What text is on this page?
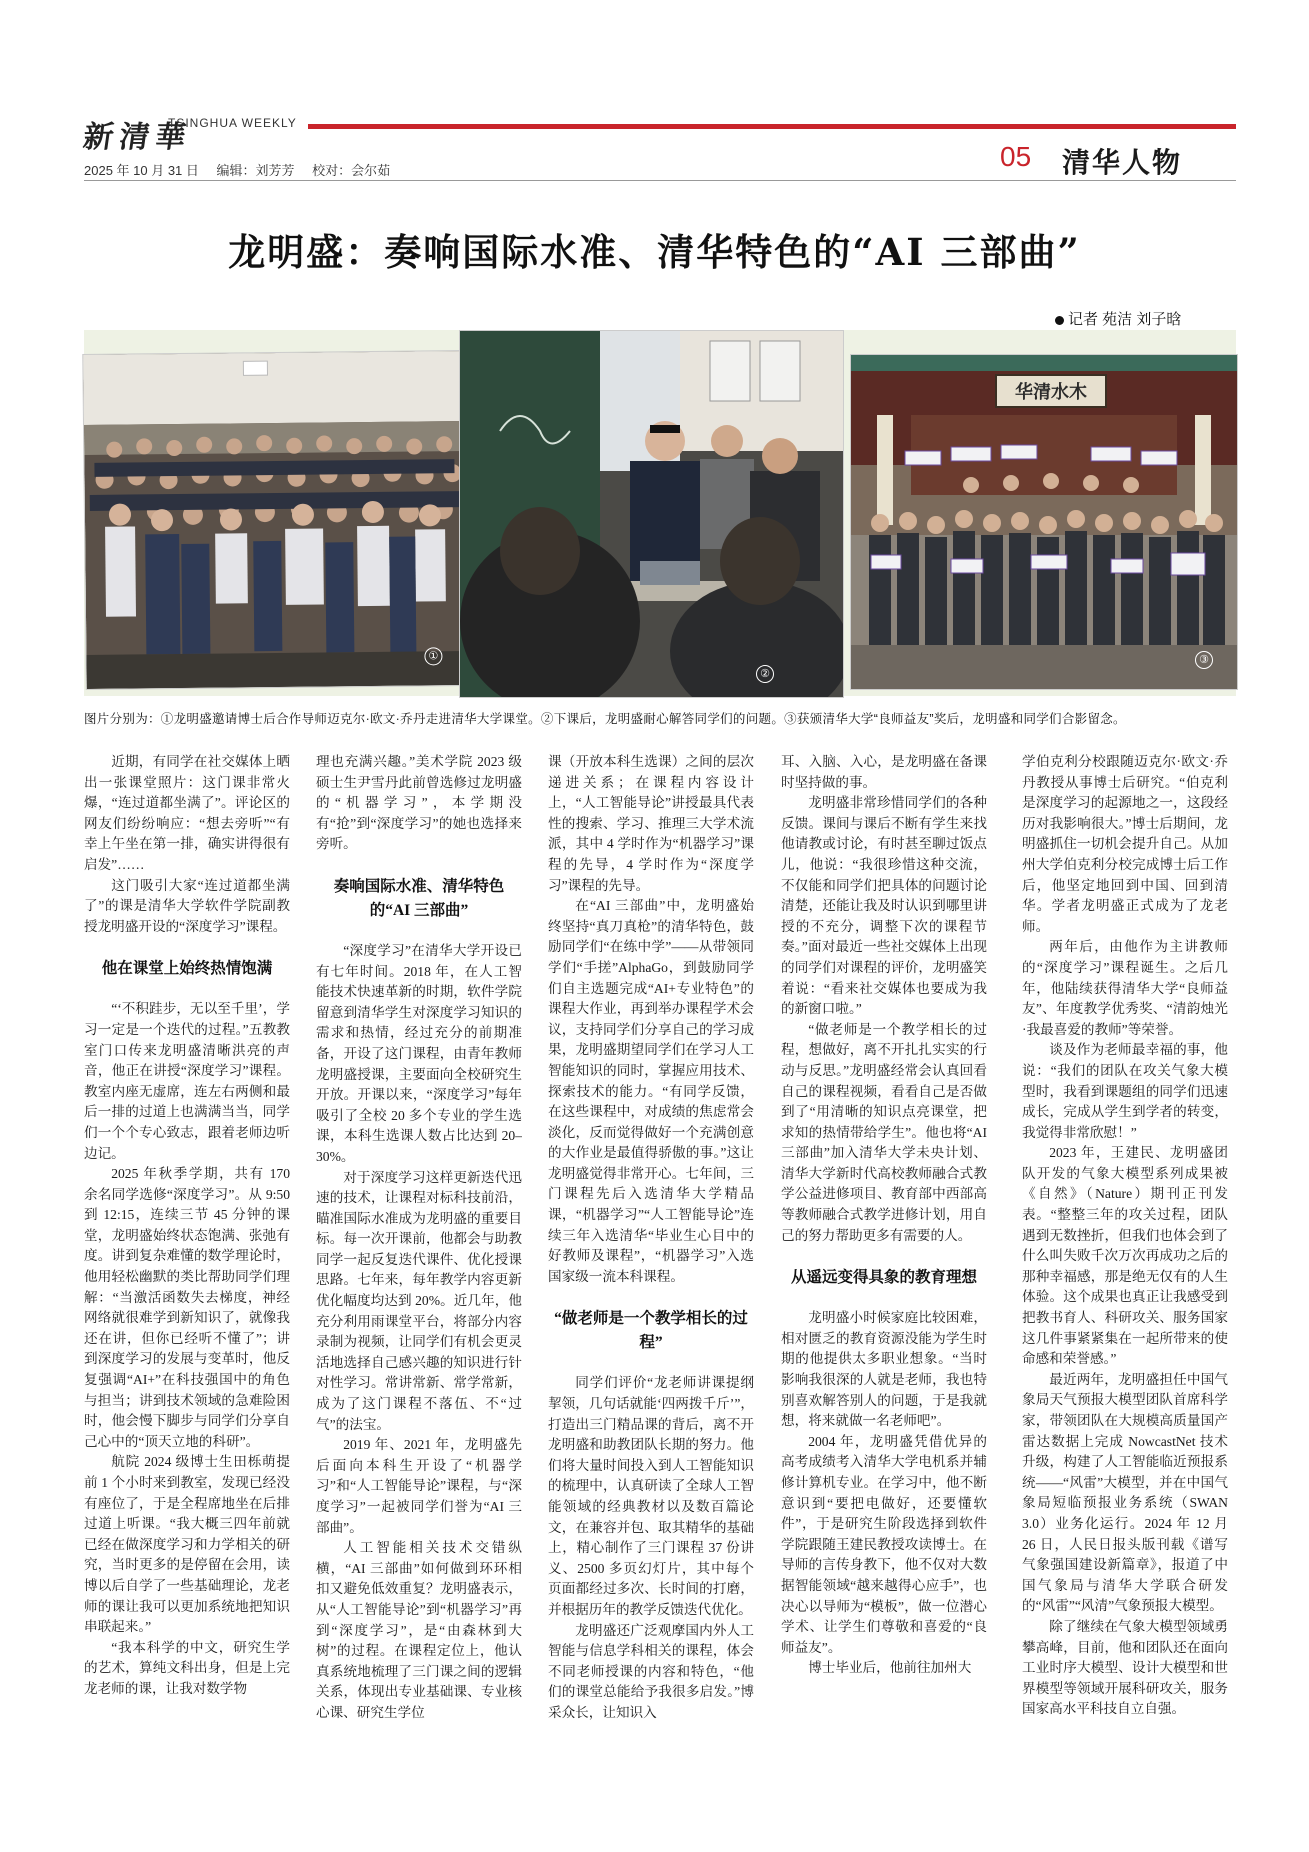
新清華
TSINGHUA WEEKLY
2025 年 10 月 31 日 编辑：刘芳芳 校对：会尔茹	05 清华人物
龙明盛：奏响国际水准、清华特色的“AI 三部曲”
记者 苑洁 刘子晗
①
②
华清水木
③
图片分别为：①龙明盛邀请博士后合作导师迈克尔·欧文·乔丹走进清华大学课堂。②下课后，龙明盛耐心解答同学们的问题。③获颁清华大学“良师益友”奖后，龙明盛和同学们合影留念。

近期，有同学在社交媒体上晒出一张课堂照片：这门课非常火爆，“连过道都坐满了”。评论区的网友们纷纷响应：“想去旁听”“有幸上午坐在第一排，确实讲得很有启发”……

这门吸引大家“连过道都坐满了”的课是清华大学软件学院副教授龙明盛开设的“深度学习”课程。

他在课堂上始终热情饱满

“‘不积跬步，无以至千里’，学习一定是一个迭代的过程。”五教教室门口传来龙明盛清晰洪亮的声音，他正在讲授“深度学习”课程。教室内座无虚席，连左右两侧和最后一排的过道上也满满当当，同学们一个个专心致志，跟着老师边听边记。

2025 年秋季学期，共有 170 余名同学选修“深度学习”。从 9:50 到 12:15，连续三节 45 分钟的课堂，龙明盛始终状态饱满、张弛有度。讲到复杂难懂的数学理论时，他用轻松幽默的类比帮助同学们理解：“当激活函数失去梯度，神经网络就很难学到新知识了，就像我还在讲，但你已经听不懂了”；讲到深度学习的发展与变革时，他反复强调“AI+”在科技强国中的角色与担当；讲到技术领域的急难险困时，他会慢下脚步与同学们分享自己心中的“顶天立地的科研”。

航院 2024 级博士生田栎萌提前 1 个小时来到教室，发现已经没有座位了，于是全程席地坐在后排过道上听课。“我大概三四年前就已经在做深度学习和力学相关的研究，当时更多的是停留在会用，读博以后自学了一些基础理论，龙老师的课让我可以更加系统地把知识串联起来。”

“我本科学的中文，研究生学的艺术，算纯文科出身，但是上完龙老师的课，让我对数学物

理也充满兴趣。”美术学院 2023 级硕士生尹雪丹此前曾选修过龙明盛的“机器学习”，本学期没有“抢”到“深度学习”的她也选择来旁听。

奏响国际水准、清华特色的“AI 三部曲”

“深度学习”在清华大学开设已有七年时间。2018 年，在人工智能技术快速革新的时期，软件学院留意到清华学生对深度学习知识的需求和热情，经过充分的前期准备，开设了这门课程，由青年教师龙明盛授课，主要面向全校研究生开放。开课以来，“深度学习”每年吸引了全校 20 多个专业的学生选课，本科生选课人数占比达到 20–30%。

对于深度学习这样更新迭代迅速的技术，让课程对标科技前沿，瞄准国际水准成为龙明盛的重要目标。每一次开课前，他都会与助教同学一起反复迭代课件、优化授课思路。七年来，每年教学内容更新优化幅度均达到 20%。近几年，他充分利用雨课堂平台，将部分内容录制为视频，让同学们有机会更灵活地选择自己感兴趣的知识进行针对性学习。常讲常新、常学常新，成为了这门课程不落伍、不“过气”的法宝。

2019 年、2021 年，龙明盛先后面向本科生开设了“机器学习”和“人工智能导论”课程，与“深度学习”一起被同学们誉为“AI 三部曲”。

人工智能相关技术交错纵横，“AI 三部曲”如何做到环环相扣又避免低效重复？龙明盛表示，从“人工智能导论”到“机器学习”再到“深度学习”，是“由森林到大树”的过程。在课程定位上，他认真系统地梳理了三门课之间的逻辑关系，体现出专业基础课、专业核心课、研究生学位

课（开放本科生选课）之间的层次递进关系；在课程内容设计上，“人工智能导论”讲授最具代表性的搜索、学习、推理三大学术流派，其中 4 学时作为“机器学习”课程的先导，4 学时作为“深度学习”课程的先导。

在“AI 三部曲”中，龙明盛始终坚持“真刀真枪”的清华特色，鼓励同学们“在练中学”——从带领同学们“手搓”AlphaGo，到鼓励同学们自主选题完成“AI+专业特色”的课程大作业，再到举办课程学术会议，支持同学们分享自己的学习成果，龙明盛期望同学们在学习人工智能知识的同时，掌握应用技术、探索技术的能力。“有同学反馈，在这些课程中，对成绩的焦虑常会淡化，反而觉得做好一个充满创意的大作业是最值得骄傲的事。”这让龙明盛觉得非常开心。七年间，三门课程先后入选清华大学精品课，“机器学习”“人工智能导论”连续三年入选清华“毕业生心目中的好教师及课程”，“机器学习”入选国家级一流本科课程。

“做老师是一个教学相长的过程”

同学们评价“龙老师讲课提纲挈领，几句话就能‘四两拨千斤’”，打造出三门精品课的背后，离不开龙明盛和助教团队长期的努力。他们将大量时间投入到人工智能知识的梳理中，认真研读了全球人工智能领域的经典教材以及数百篇论文，在兼容并包、取其精华的基础上，精心制作了三门课程 37 份讲义、2500 多页幻灯片，其中每个页面都经过多次、长时间的打磨，并根据历年的教学反馈迭代优化。

龙明盛还广泛观摩国内外人工智能与信息学科相关的课程，体会不同老师授课的内容和特色，“他们的课堂总能给予我很多启发。”博采众长，让知识入

耳、入脑、入心，是龙明盛在备课时坚持做的事。

龙明盛非常珍惜同学们的各种反馈。课间与课后不断有学生来找他请教或讨论，有时甚至聊过饭点儿，他说：“我很珍惜这种交流，不仅能和同学们把具体的问题讨论清楚，还能让我及时认识到哪里讲授的不充分，调整下次的课程节奏。”面对最近一些社交媒体上出现的同学们对课程的评价，龙明盛笑着说：“看来社交媒体也要成为我的新窗口啦。”

“做老师是一个教学相长的过程，想做好，离不开扎扎实实的行动与反思。”龙明盛经常会认真回看自己的课程视频，看看自己是否做到了“用清晰的知识点亮课堂，把求知的热情带给学生”。他也将“AI 三部曲”加入清华大学未央计划、清华大学新时代高校教师融合式教学公益进修项目、教育部中西部高等教师融合式教学进修计划，用自己的努力帮助更多有需要的人。

从遥远变得具象的教育理想

龙明盛小时候家庭比较困难，相对匮乏的教育资源没能为学生时期的他提供太多职业想象。“当时影响我很深的人就是老师，我也特别喜欢解答别人的问题，于是我就想，将来就做一名老师吧”。

2004 年，龙明盛凭借优异的高考成绩考入清华大学电机系并辅修计算机专业。在学习中，他不断意识到“要把电做好，还要懂软件”，于是研究生阶段选择到软件学院跟随王建民教授攻读博士。在导师的言传身教下，他不仅对大数据智能领域“越来越得心应手”，也决心以导师为“模板”，做一位潜心学术、让学生们尊敬和喜爱的“良师益友”。

博士毕业后，他前往加州大

学伯克利分校跟随迈克尔·欧文·乔丹教授从事博士后研究。“伯克利是深度学习的起源地之一，这段经历对我影响很大。”博士后期间，龙明盛抓住一切机会提升自己。从加州大学伯克利分校完成博士后工作后，他坚定地回到中国、回到清华。学者龙明盛正式成为了龙老师。

两年后，由他作为主讲教师的“深度学习”课程诞生。之后几年，他陆续获得清华大学“良师益友”、年度教学优秀奖、“清韵烛光·我最喜爱的教师”等荣誉。

谈及作为老师最幸福的事，他说：“我们的团队在攻关气象大模型时，我看到课题组的同学们迅速成长，完成从学生到学者的转变，我觉得非常欣慰！”

2023 年，王建民、龙明盛团队开发的气象大模型系列成果被《自然》（Nature）期刊正刊发表。“整整三年的攻关过程，团队遇到无数挫折，但我们也体会到了什么叫失败千次万次再成功之后的那种幸福感，那是绝无仅有的人生体验。这个成果也真正让我感受到把教书育人、科研攻关、服务国家这几件事紧紧集在一起所带来的使命感和荣誉感。”

最近两年，龙明盛担任中国气象局天气预报大模型团队首席科学家，带领团队在大规模高质量国产雷达数据上完成 NowcastNet 技术升级，构建了人工智能临近预报系统——“风雷”大模型，并在中国气象局短临预报业务系统（SWAN 3.0）业务化运行。2024 年 12 月 26 日，人民日报头版刊载《谱写气象强国建设新篇章》，报道了中国气象局与清华大学联合研发的“风雷”“风清”气象预报大模型。

除了继续在气象大模型领域勇攀高峰，目前，他和团队还在面向工业时序大模型、设计大模型和世界模型等领域开展科研攻关，服务国家高水平科技自立自强。
